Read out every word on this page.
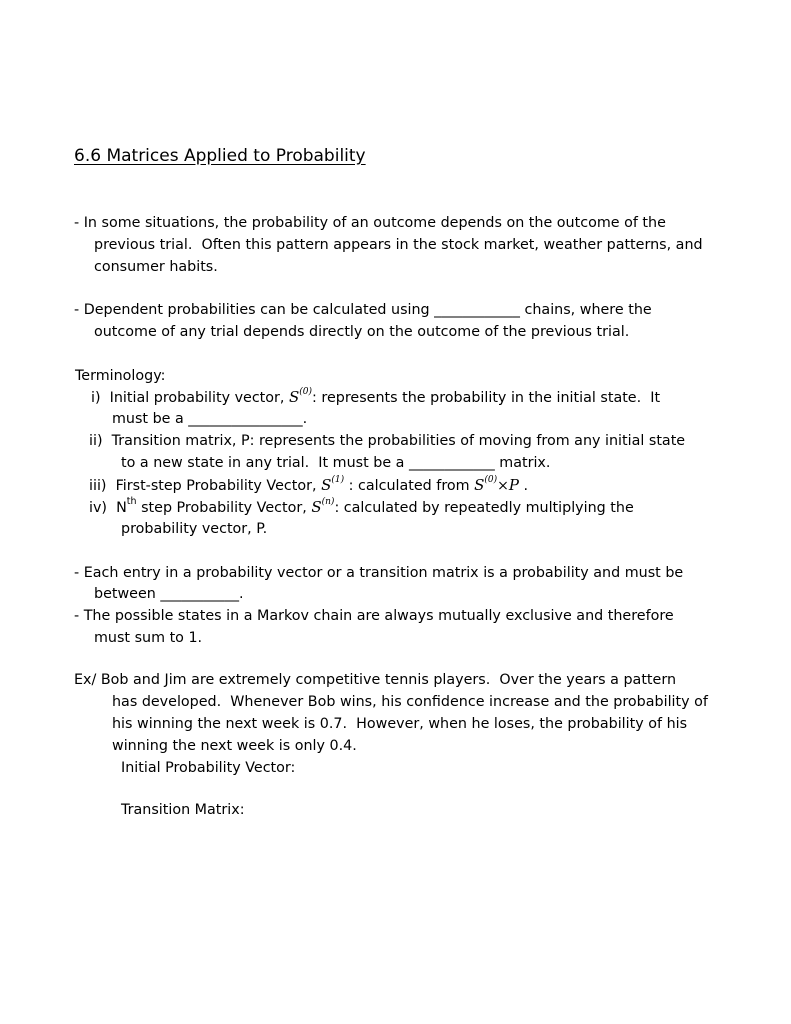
6.6 Matrices Applied to Probability
- In some situations, the probability of an outcome depends on the outcome of the
previous trial.  Often this pattern appears in the stock market, weather patterns, and
consumer habits.
- Dependent probabilities can be calculated using ____________ chains, where the
outcome of any trial depends directly on the outcome of the previous trial.
Terminology:
i)  Initial probability vector, $S^{(0)}$: represents the probability in the initial state.  It
must be a ________________.
ii)  Transition matrix, P: represents the probabilities of moving from any initial state
to a new state in any trial.  It must be a ____________ matrix.
iii)  First-step Probability Vector, $S^{(1)}$ : calculated from $S^{(0)}\times P$ .
iv)  $N^{th}$ step Probability Vector, $S^{(n)}$: calculated by repeatedly multiplying the
probability vector, P.
- Each entry in a probability vector or a transition matrix is a probability and must be
between ___________.
- The possible states in a Markov chain are always mutually exclusive and therefore
must sum to 1.
Ex/ Bob and Jim are extremely competitive tennis players.  Over the years a pattern
has developed.  Whenever Bob wins, his confidence increase and the probability of
his winning the next week is 0.7.  However, when he loses, the probability of his
winning the next week is only 0.4.
Initial Probability Vector:
Transition Matrix:
